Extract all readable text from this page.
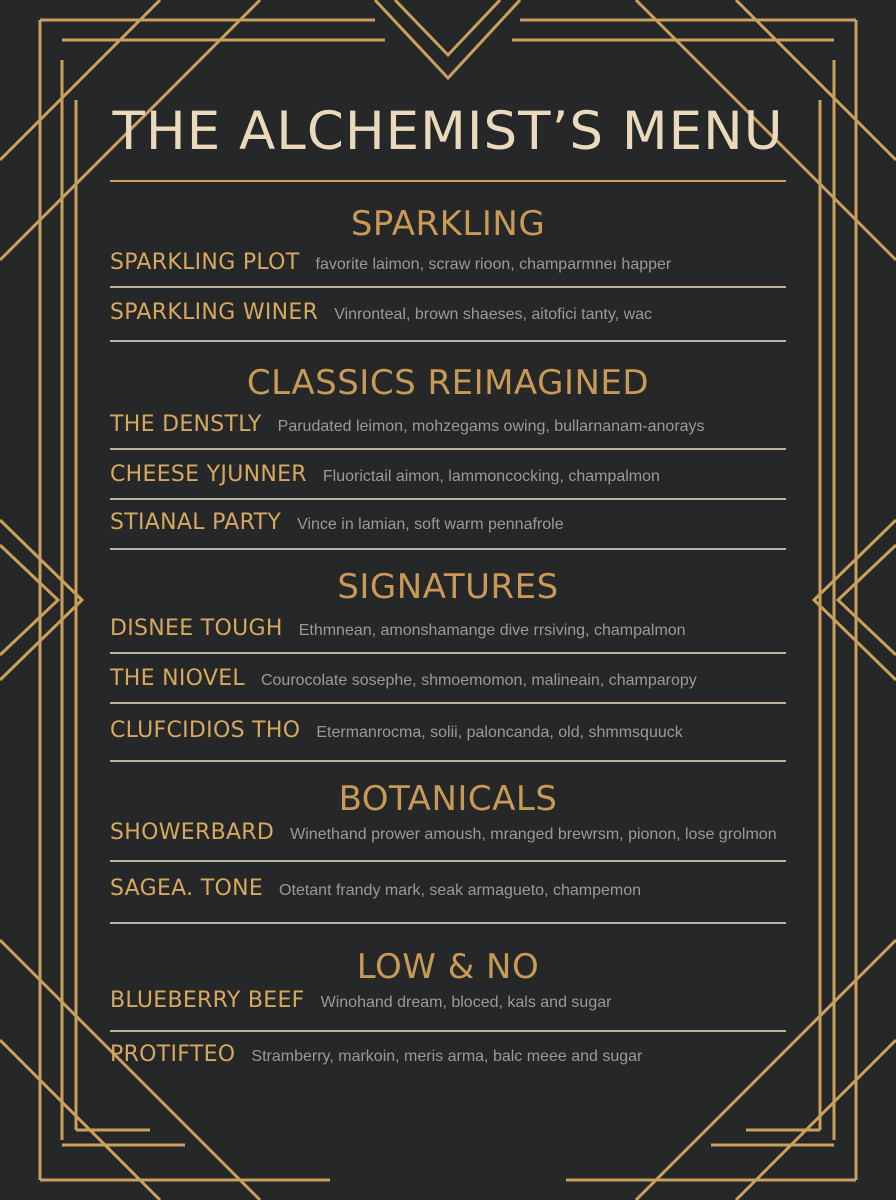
THE ALCHEMIST’S MENU
SPARKLING
SPARKLING PLOT favorite laimon, scraw rioon, champarmneı happer
SPARKLING WINER Vinronteal, brown shaeses, aitofici tanty, wac
CLASSICS REIMAGINED
THE DENSTLY Parudated leimon, mohzegams owing, bullarnanam-anorays
CHEESE YJUNNER Fluorictail aimon, lammoncocking, champalmon
STIANAL PARTY Vince in lamian, soft warm pennafrole
SIGNATURES
DISNEE TOUGH Ethmnean, amonshamange dive rrsiving, champalmon
THE NIOVEL Courocolate sosephe, shmoemomon, malineain, champaropy
CLUFCIDIOS THO Etermanrocma, solii, paloncanda, old, shmmsquuck
BOTANICALS
SHOWERBARD Winethand prower amoush, mranged brewrsm, pionon, lose grolmon
SAGEA. TONE Otetant frandy mark, seak armagueto, champemon
LOW & NO
BLUEBERRY BEEF Winohand dream, bloced, kals and sugar
PROTIFTEO Stramberry, markoin, meris arma, balc meee and sugar
